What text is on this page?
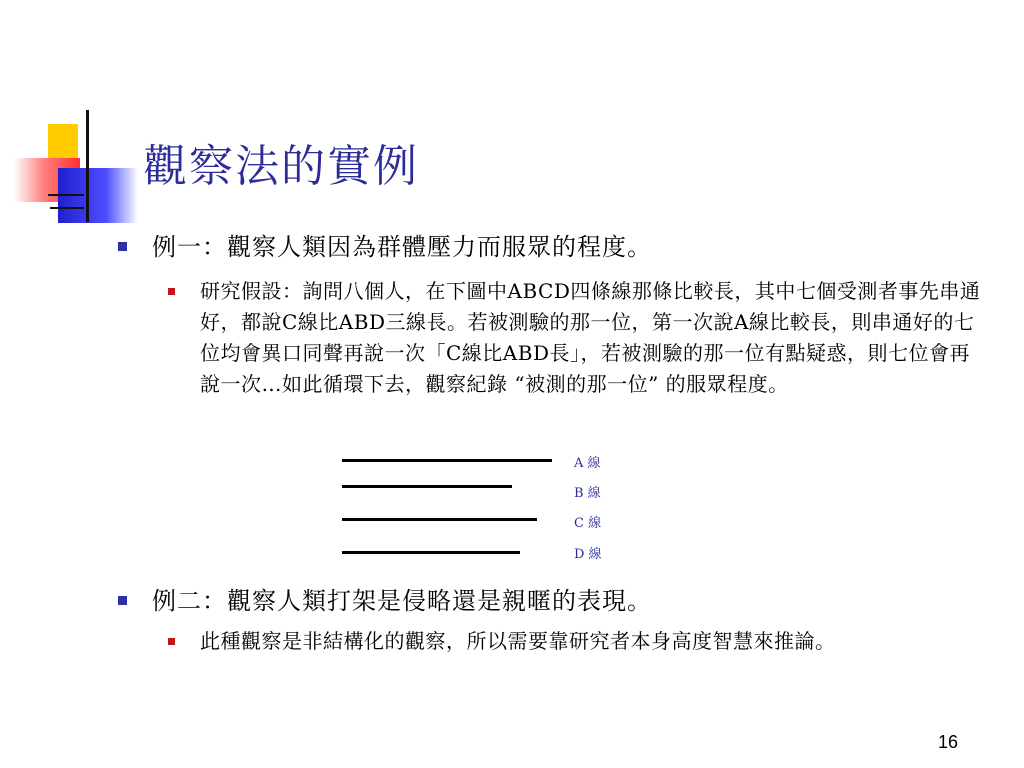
觀察法的實例
例一：觀察人類因為群體壓力而服眾的程度。
研究假設：詢問八個人，在下圖中ABCD四條線那條比較長，其中七個受測者事先串通好，都說C線比ABD三線長。若被測驗的那一位，第一次說A線比較長，則串通好的七位均會異口同聲再說一次「C線比ABD長」，若被測驗的那一位有點疑惑，則七位會再說一次…如此循環下去，觀察紀錄 “被測的那一位” 的服眾程度。
A 線
B 線
C 線
D 線
例二：觀察人類打架是侵略還是親暱的表現。
此種觀察是非結構化的觀察，所以需要靠研究者本身高度智慧來推論。
16
